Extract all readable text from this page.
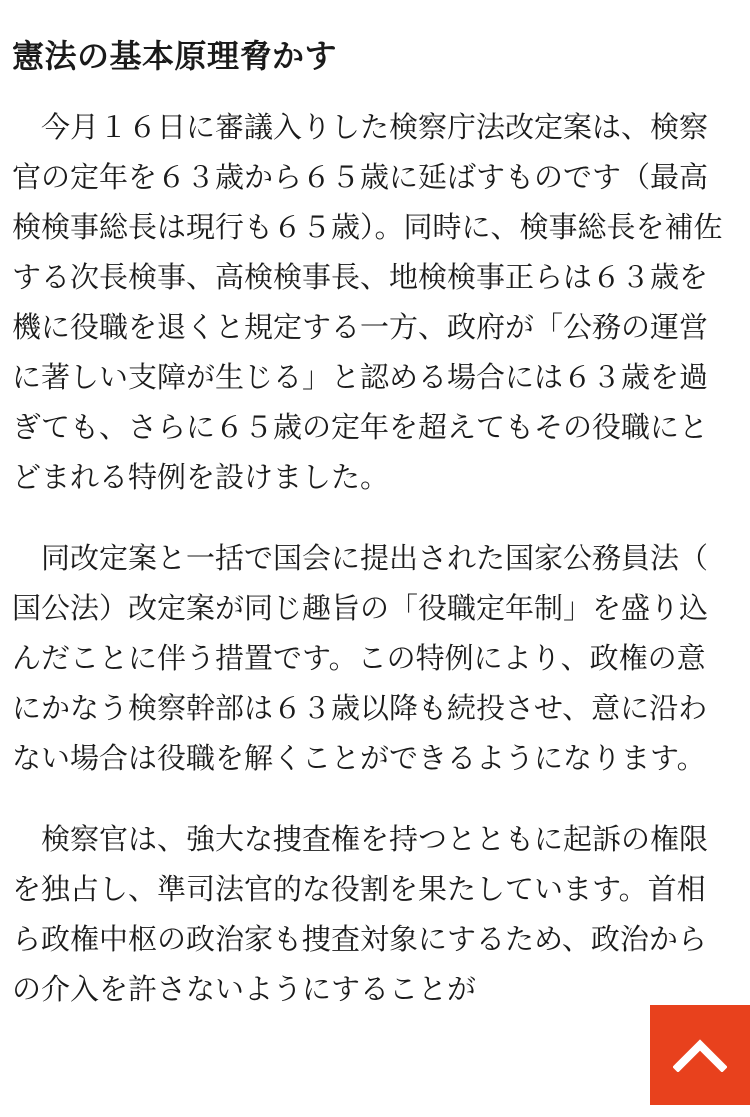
憲法の基本原理脅かす

今月１６日に審議入りした検察庁法改定案は、検察官の定年を６３歳から６５歳に延ばすものです（最高検検事総長は現行も６５歳）。同時に、検事総長を補佐する次長検事、高検検事長、地検検事正らは６３歳を機に役職を退くと規定する一方、政府が「公務の運営に著しい支障が生じる」と認める場合には６３歳を過ぎても、さらに６５歳の定年を超えてもその役職にとどまれる特例を設けました。

同改定案と一括で国会に提出された国家公務員法（国公法）改定案が同じ趣旨の「役職定年制」を盛り込んだことに伴う措置です。この特例により、政権の意にかなう検察幹部は６３歳以降も続投させ、意に沿わない場合は役職を解くことができるようになります。

検察官は、強大な捜査権を持つとともに起訴の権限を独占し、準司法官的な役割を果たしています。首相ら政権中枢の政治家も捜査対象にするため、政治からの介入を許さないようにすることが
